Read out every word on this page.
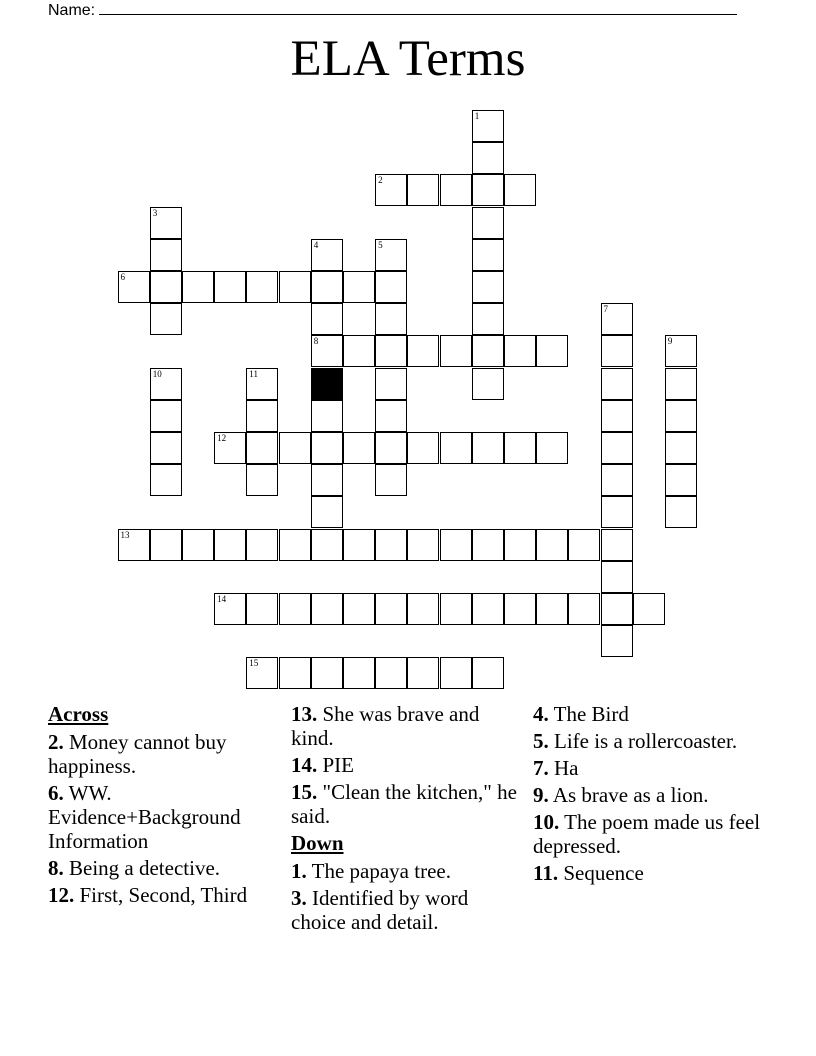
Name:
ELA Terms
1
2
3
4
8
5
6
7
9
10	11
12
13
14
15
Across
2. Money cannot buy happiness.
6. WW. Evidence+Background Information
8. Being a detective.
12. First, Second, Third
13. She was brave and kind.
14. PIE
15. "Clean the kitchen," he said.
Down
1. The papaya tree.
3. Identified by word choice and detail.
4. The Bird
5. Life is a rollercoaster.
7. Ha
9. As brave as a lion.
10. The poem made us feel depressed.
11. Sequence
